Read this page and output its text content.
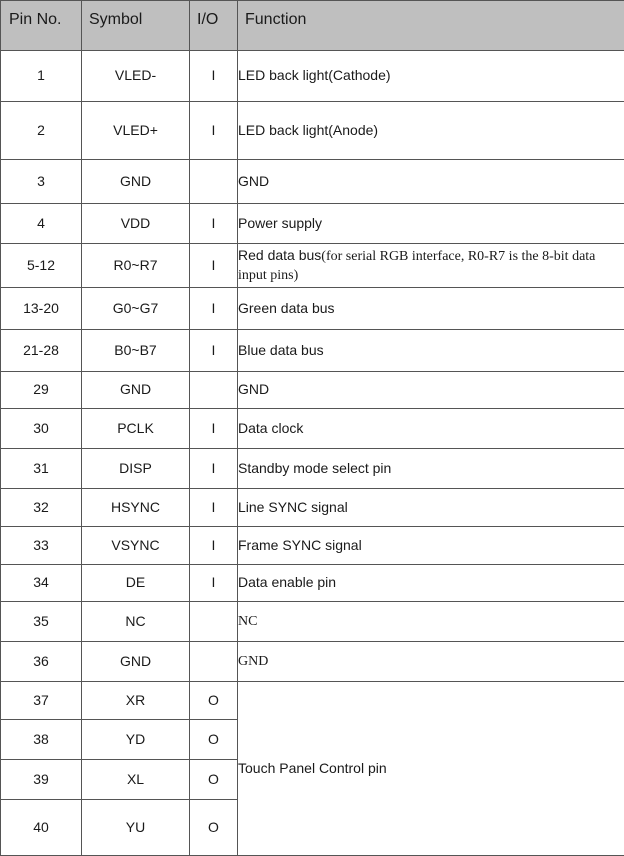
Pin No.	Symbol	I/O	Function
1	VLED-	I	LED back light(Cathode)
2	VLED+	I	LED back light(Anode)
3	GND		GND
4	VDD	I	Power supply
5-12	R0~R7	I	Red data bus(for serial RGB interface, R0-R7 is the 8-bit data input pins)
13-20	G0~G7	I	Green data bus
21-28	B0~B7	I	Blue data bus
29	GND		GND
30	PCLK	I	Data clock
31	DISP	I	Standby mode select pin
32	HSYNC	I	Line SYNC signal
33	VSYNC	I	Frame SYNC signal
34	DE	I	Data enable pin
35	NC		NC
36	GND		GND
37	XR	O	Touch Panel Control pin
38	YD	O	
39	XL	O	
40	YU	O	
